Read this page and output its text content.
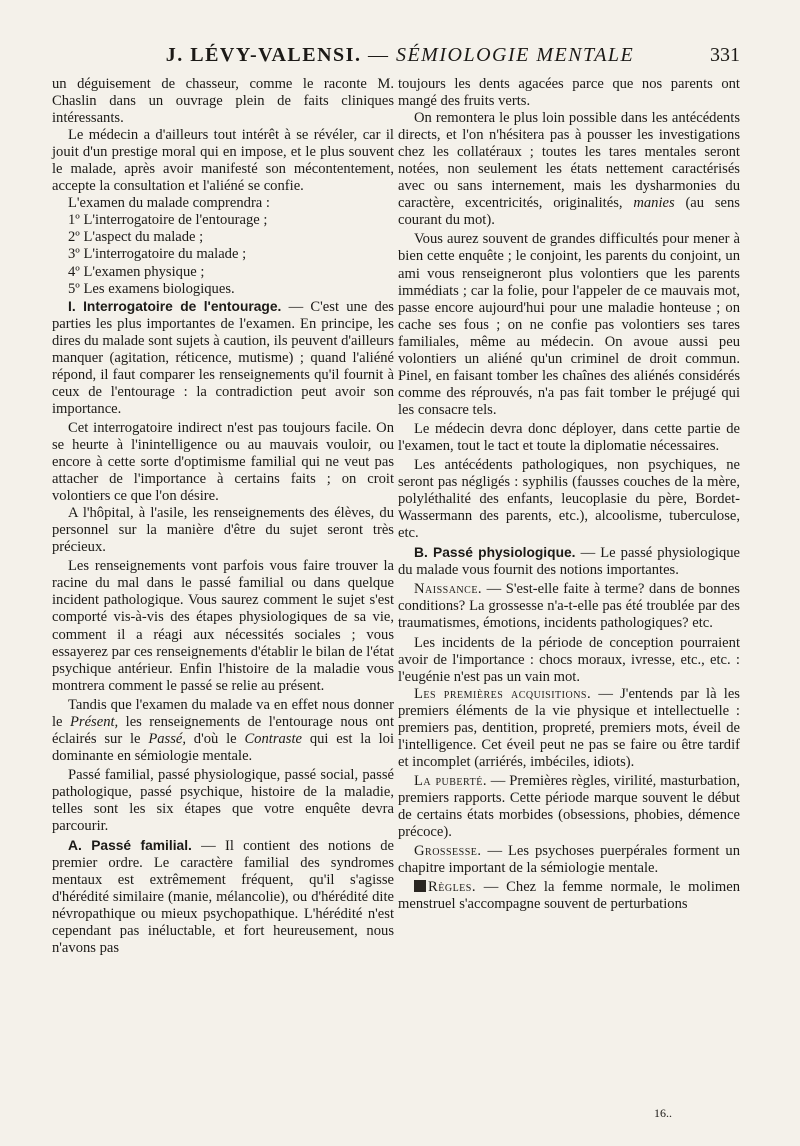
J. LÉVY-VALENSI. — SÉMIOLOGIE MENTALE	331

un déguisement de chasseur, comme le raconte M. Chaslin dans un ouvrage plein de faits cliniques intéressants.

Le médecin a d'ailleurs tout intérêt à se révéler, car il jouit d'un prestige moral qui en impose, et le plus souvent le malade, après avoir manifesté son mécontentement, accepte la consultation et l'aliéné se confie.

L'examen du malade comprendra :

1º L'interrogatoire de l'entourage ;

2º L'aspect du malade ;

3º L'interrogatoire du malade ;

4º L'examen physique ;

5º Les examens biologiques.

I. Interrogatoire de l'entourage. — C'est une des parties les plus importantes de l'examen. En principe, les dires du malade sont sujets à caution, ils peuvent d'ailleurs manquer (agitation, réticence, mutisme) ; quand l'aliéné répond, il faut comparer les renseignements qu'il fournit à ceux de l'entourage : la contradiction peut avoir son importance.

Cet interrogatoire indirect n'est pas toujours facile. On se heurte à l'inintelligence ou au mauvais vouloir, ou encore à cette sorte d'optimisme familial qui ne veut pas attacher de l'importance à certains faits ; on croit volontiers ce que l'on désire.

A l'hôpital, à l'asile, les renseignements des élèves, du personnel sur la manière d'être du sujet seront très précieux.

Les renseignements vont parfois vous faire trouver la racine du mal dans le passé familial ou dans quelque incident pathologique. Vous saurez comment le sujet s'est comporté vis-à-vis des étapes physiologiques de sa vie, comment il a réagi aux nécessités sociales ; vous essayerez par ces renseignements d'établir le bilan de l'état psychique antérieur. Enfin l'histoire de la maladie vous montrera comment le passé se relie au présent.

Tandis que l'examen du malade va en effet nous donner le Présent, les renseignements de l'entourage nous ont éclairés sur le Passé, d'où le Contraste qui est la loi dominante en sémiologie mentale.

Passé familial, passé physiologique, passé social, passé pathologique, passé psychique, histoire de la maladie, telles sont les six étapes que votre enquête devra parcourir.

A. Passé familial. — Il contient des notions de premier ordre. Le caractère familial des syndromes mentaux est extrêmement fréquent, qu'il s'agisse d'hérédité similaire (manie, mélancolie), ou d'hérédité dite névropathique ou mieux psychopathique. L'hérédité n'est cependant pas inéluctable, et fort heureusement, nous n'avons pas

toujours les dents agacées parce que nos parents ont mangé des fruits verts.

On remontera le plus loin possible dans les antécédents directs, et l'on n'hésitera pas à pousser les investigations chez les collatéraux ; toutes les tares mentales seront notées, non seulement les états nettement caractérisés avec ou sans internement, mais les dysharmonies du caractère, excentricités, originalités, manies (au sens courant du mot).

Vous aurez souvent de grandes difficultés pour mener à bien cette enquête ; le conjoint, les parents du conjoint, un ami vous renseigneront plus volontiers que les parents immédiats ; car la folie, pour l'appeler de ce mauvais mot, passe encore aujourd'hui pour une maladie honteuse ; on cache ses fous ; on ne confie pas volontiers ses tares familiales, même au médecin. On avoue aussi peu volontiers un aliéné qu'un criminel de droit commun. Pinel, en faisant tomber les chaînes des aliénés considérés comme des réprouvés, n'a pas fait tomber le préjugé qui les consacre tels.

Le médecin devra donc déployer, dans cette partie de l'examen, tout le tact et toute la diplomatie nécessaires.

Les antécédents pathologiques, non psychiques, ne seront pas négligés : syphilis (fausses couches de la mère, polyléthalité des enfants, leucoplasie du père, Bordet-Wassermann des parents, etc.), alcoolisme, tuberculose, etc.

B. Passé physiologique. — Le passé physiologique du malade vous fournit des notions importantes.

Naissance. — S'est-elle faite à terme? dans de bonnes conditions? La grossesse n'a-t-elle pas été troublée par des traumatismes, émotions, incidents pathologiques? etc.

Les incidents de la période de conception pourraient avoir de l'importance : chocs moraux, ivresse, etc., etc. : l'eugénie n'est pas un vain mot.

Les premières acquisitions. — J'entends par là les premiers éléments de la vie physique et intellectuelle : premiers pas, dentition, propreté, premiers mots, éveil de l'intelligence. Cet éveil peut ne pas se faire ou être tardif et incomplet (arriérés, imbéciles, idiots).

La puberté. — Premières règles, virilité, masturbation, premiers rapports. Cette période marque souvent le début de certains états morbides (obsessions, phobies, démence précoce).

Grossesse. — Les psychoses puerpérales forment un chapitre important de la sémiologie mentale.

Règles. — Chez la femme normale, le molimen menstruel s'accompagne souvent de perturbations

16..
